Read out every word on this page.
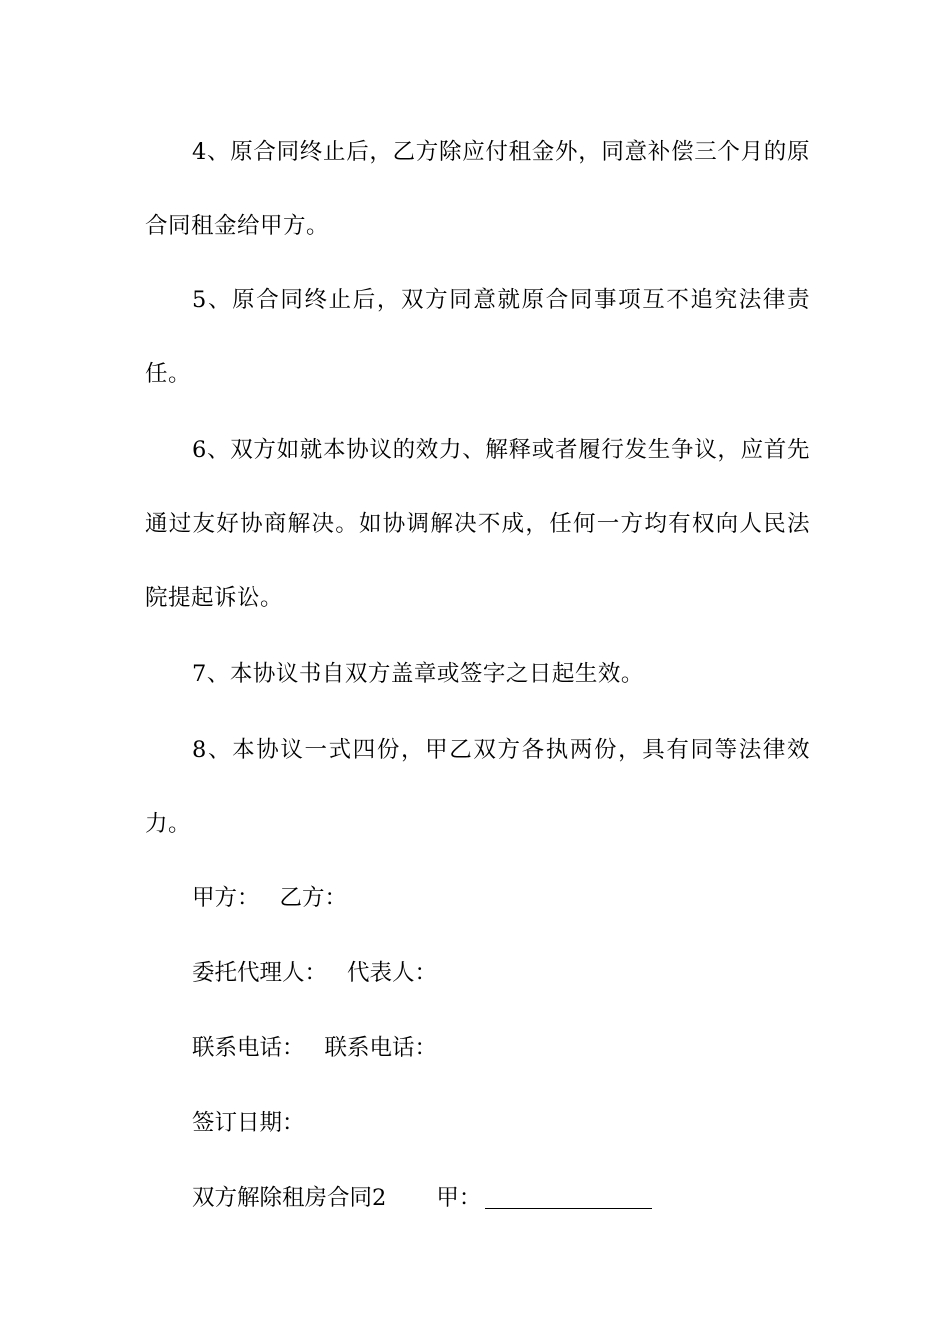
4、原合同终止后，乙方除应付租金外，同意补偿三个月的原合同租金给甲方。

5、原合同终止后，双方同意就原合同事项互不追究法律责任。

6、双方如就本协议的效力、解释或者履行发生争议，应首先通过友好协商解决。如协调解决不成，任何一方均有权向人民法院提起诉讼。

7、本协议书自双方盖章或签字之日起生效。

8、本协议一式四份，甲乙双方各执两份，具有同等法律效力。

甲方： 乙方：
委托代理人： 代表人：
联系电话： 联系电话：
签订日期：
双方解除租房合同2 甲：
